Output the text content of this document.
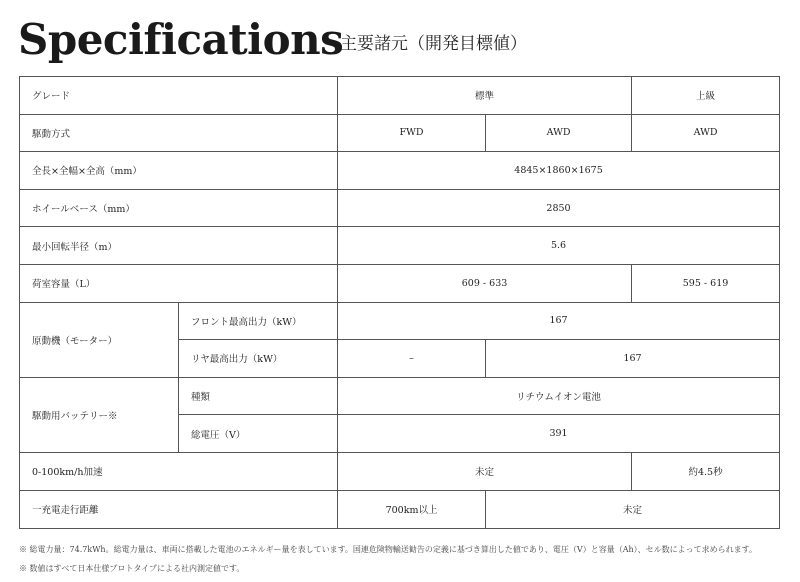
Specifications
主要諸元（開発目標値）
グレード		標準		上級
駆動方式		FWD	AWD	AWD
全長×全幅×全高（mm）		4845×1860×1675		
ホイールベース（mm）		2850		
最小回転半径（m）		5.6		
荷室容量（L）		609 - 633		595 - 619
原動機（モーター）	フロント最高出力（kW）	167		
	リヤ最高出力（kW）	–	167	
駆動用バッテリー※	種類	リチウムイオン電池		
	総電圧（V）	391		
0-100km/h加速		未定 約4.5秒		

一充電走行距離		700km以上	未定	
※ 総電力量：74.7kWh。総電力量は、車両に搭載した電池のエネルギー量を表しています。国連危険物輸送勧告の定義に基づき算出した値であり、電圧（V）と容量（Ah）、セル数によって求められます。
※ 数値はすべて日本仕様プロトタイプによる社内測定値です。
